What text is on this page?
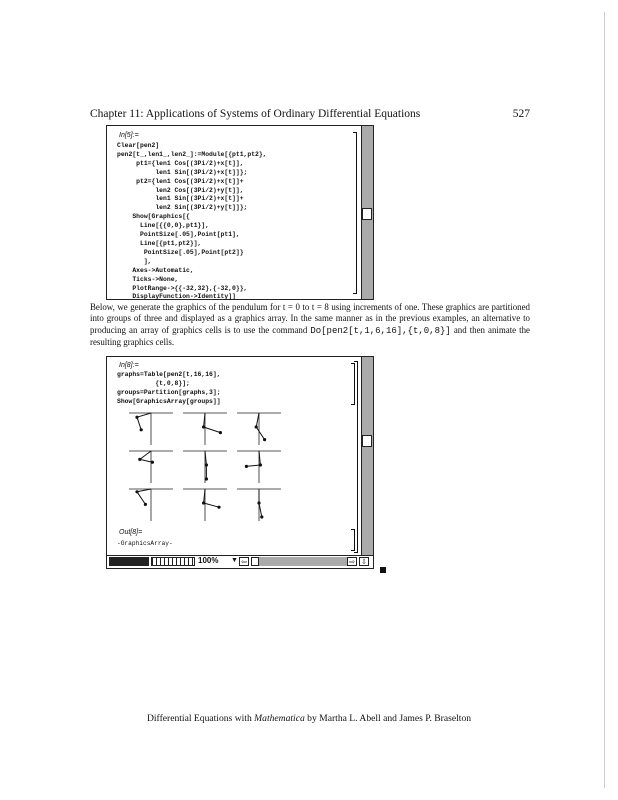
Chapter 11: Applications of Systems of Ordinary Differential Equations	527
In[5]:=
Clear[pen2]
pen2[t_,len1_,len2_]:=Module[{pt1,pt2},
pt1={len1 Cos[(3Pi/2)+x[t]],
len1 Sin[(3Pi/2)+x[t]]};
pt2={len1 Cos[(3Pi/2)+x[t]]+
len2 Cos[(3Pi/2)+y[t]],
len1 Sin[(3Pi/2)+x[t]]+
len2 Sin[(3Pi/2)+y[t]]};
Show[Graphics[{
Line[{{0,0},pt1}],
PointSize[.05],Point[pt1],
Line[{pt1,pt2}],
PointSize[.05],Point[pt2]}
],
Axes->Automatic,
Ticks->None,
PlotRange->{{-32,32},{-32,0}},
DisplayFunction->Identity]]
Below, we generate the graphics of the pendulum for t = 0 to t = 8 using increments of one. These graphics are partitioned into groups of three and displayed as a graphics array. In the same manner as in the previous examples, an alternative to producing an array of graphics cells is to use the command Do[pen2[t,1,6,16],{t,0,8}] and then animate the resulting graphics cells.
In[8]:=
graphs=Table[pen2[t,16,16],
{t,0,8}];
groups=Partition[graphs,3];
Show[GraphicsArray[groups]]
Out[8]=
-GraphicsArray-
100% ▼ ⇦	⇨ ⇩
Differential Equations with Mathematica by Martha L. Abell and James P. Braselton
